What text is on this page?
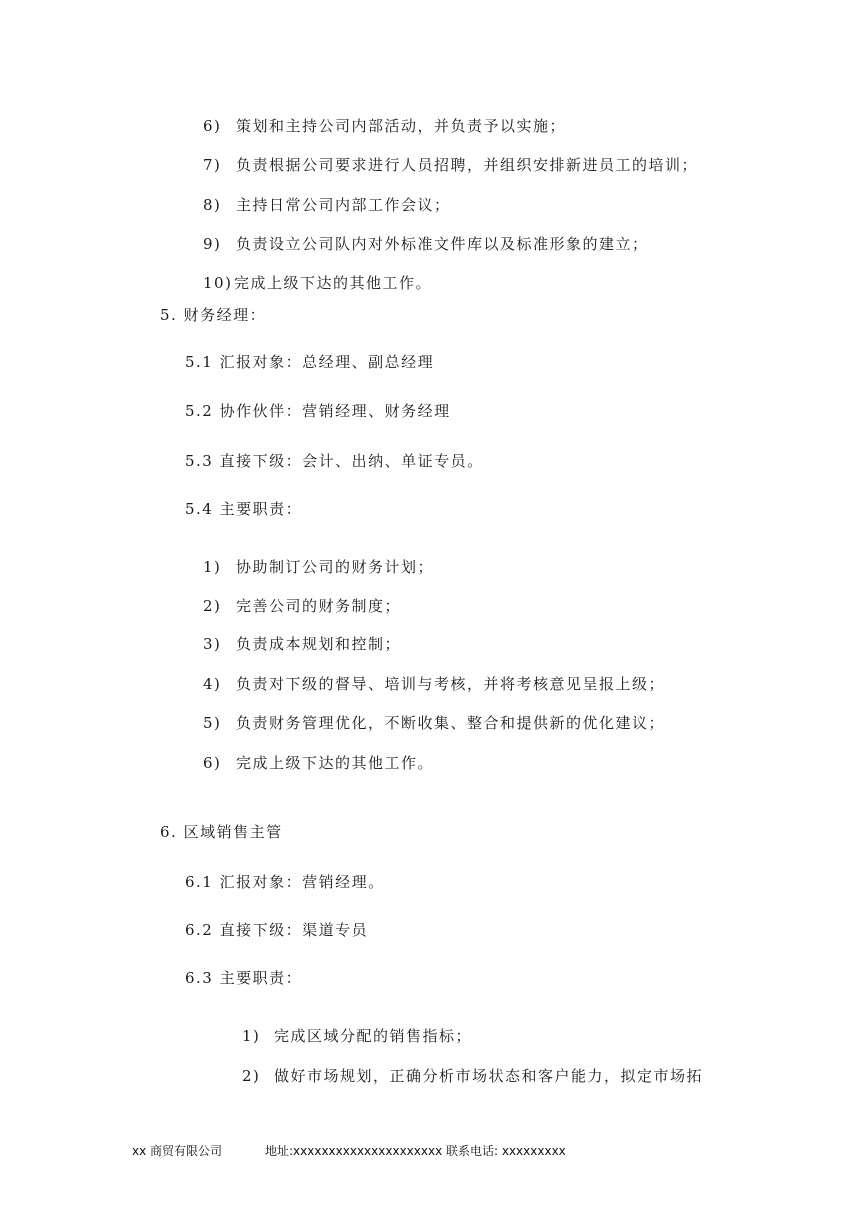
6) 策划和主持公司内部活动，并负责予以实施；
7) 负责根据公司要求进行人员招聘，并组织安排新进员工的培训；
8) 主持日常公司内部工作会议；
9) 负责设立公司队内对外标准文件库以及标准形象的建立；
10) 完成上级下达的其他工作。
5. 财务经理：
5.1 汇报对象：总经理、副总经理
5.2 协作伙伴：营销经理、财务经理
5.3 直接下级：会计、出纳、单证专员。
5.4 主要职责：
1) 协助制订公司的财务计划；
2) 完善公司的财务制度；
3) 负责成本规划和控制；
4) 负责对下级的督导、培训与考核，并将考核意见呈报上级；
5) 负责财务管理优化，不断收集、整合和提供新的优化建议；
6) 完成上级下达的其他工作。
6. 区域销售主管
6.1 汇报对象：营销经理。
6.2 直接下级：渠道专员
6.3 主要职责：
1) 完成区域分配的销售指标；
2) 做好市场规划，正确分析市场状态和客户能力，拟定市场拓
xx 商贸有限公司	地址:xxxxxxxxxxxxxxxxxxxxx 联系电话: xxxxxxxxx
